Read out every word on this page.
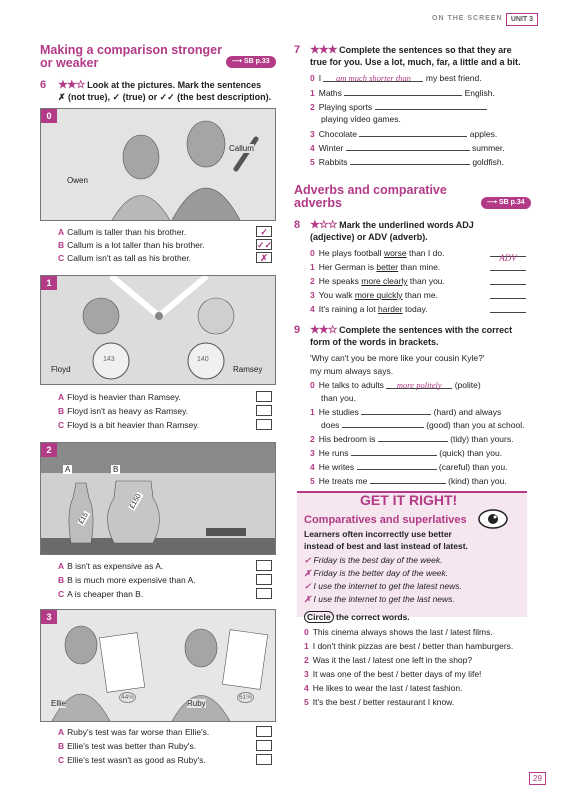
ON THE SCREEN	UNIT 3
Making a comparison stronger
or weaker	⟶ SB p.33
6 ★★☆ Look at the pictures. Mark the sentences
✗ (not true), ✓ (true) or ✓✓ (the best description).
0
Callum
Owen
A Callum is taller than his brother.	✓
B Callum is a lot taller than his brother.	✓✓
C Callum isn't as tall as his brother.	✗
1
Floyd	Ramsey
143	140
A Floyd is heavier than Ramsey.
B Floyd isn't as heavy as Ramsey.
C Floyd is a bit heavier than Ramsey.
2
A	B
£15
£150
A B isn't as expensive as A.
B B is much more expensive than A.
C A is cheaper than B.
3
Ellie	Ruby
44%	61%
A Ruby's test was far worse than Ellie's.
B Ellie's test was better than Ruby's.
C Ellie's test wasn't as good as Ruby's.
7 ★★★ Complete the sentences so that they are
true for you. Use a lot, much, far, a little and a bit.
0 I am much shorter than my best friend.
1 Maths	English.
2 Playing sports
playing video games.
3 Chocolate	apples.
4 Winter	summer.
5 Rabbits	goldfish.
Adverbs and comparative
adverbs	⟶ SB p.34
8 ★☆☆ Mark the underlined words ADJ
(adjective) or ADV (adverb).
0 He plays football worse than I do.	ADV
1 Her German is better than mine.
2 He speaks more clearly than you.
3 You walk more quickly than me.
4 It's raining a lot harder today.
9 ★★☆ Complete the sentences with the correct
form of the words in brackets.
'Why can't you be more like your cousin Kyle?'
my mum always says.
0 He talks to adults more politely (polite)
than you.
1 He studies	(hard) and always
does	(good) than you at school.
2 His bedroom is	(tidy) than yours.
3 He runs	(quick) than you.
4 He writes	(careful) than you.
5 He treats me	(kind) than you.
GET IT RIGHT!
Comparatives and superlatives
Learners often incorrectly use better
instead of best and last instead of latest.
✓ Friday is the best day of the week.
✗ Friday is the better day of the week.
✓ I use the internet to get the latest news.
✗ I use the internet to get the last news.
Circle the correct words.
0 This cinema always shows the last / latest films.
1 I don't think pizzas are best / better than hamburgers.
2 Was it the last / latest one left in the shop?
3 It was one of the best / better days of my life!
4 He likes to wear the last / latest fashion.
5 It's the best / better restaurant I know.
29
